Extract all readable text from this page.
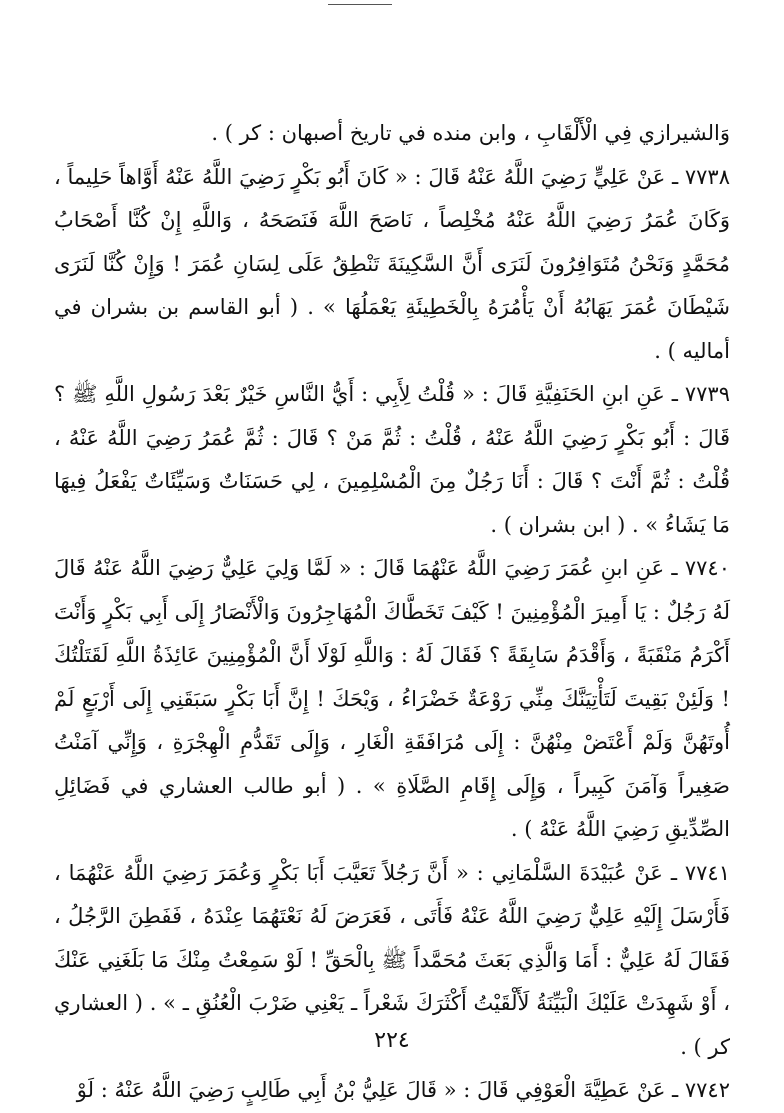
وَالشيرازي فِي الْأَلْقَابِ ، وابن منده في تاريخ أصبهان : كر ) .

٧٧٣٨ ـ عَنْ عَلِيٍّ رَضِيَ اللَّهُ عَنْهُ قَالَ : « كَانَ أَبُو بَكْرٍ رَضِيَ اللَّهُ عَنْهُ أَوَّاهاً حَلِيماً ، وَكَانَ عُمَرُ رَضِيَ اللَّهُ عَنْهُ مُخْلِصاً ، نَاصَحَ اللَّهَ فَنَصَحَهُ ، وَاللَّهِ إِنْ كُنَّا أَصْحَابُ مُحَمَّدٍ وَنَحْنُ مُتَوَافِرُونَ لَنَرَى أَنَّ السَّكِينَةَ تَنْطِقُ عَلَى لِسَانِ عُمَرَ ! وَإِنْ كُنَّا لَنَرَى شَيْطَانَ عُمَرَ يَهَابُهُ أَنْ يَأْمُرَهُ بِالْخَطِيئَةِ يَعْمَلُهَا » . ( أبو القاسم بن بشران في أماليه ) .

٧٧٣٩ ـ عَنِ ابنِ الحَنَفِيَّةِ قَالَ : « قُلْتُ لِأَبِي : أَيُّ النَّاسِ خَيْرٌ بَعْدَ رَسُولِ اللَّهِ ﷺ ؟ قَالَ : أَبُو بَكْرٍ رَضِيَ اللَّهُ عَنْهُ ، قُلْتُ : ثُمَّ مَنْ ؟ قَالَ : ثُمَّ عُمَرُ رَضِيَ اللَّهُ عَنْهُ ، قُلْتُ : ثُمَّ أَنْتَ ؟ قَالَ : أَنَا رَجُلٌ مِنَ الْمُسْلِمِينَ ، لِي حَسَنَاتٌ وَسَيِّئَاتٌ يَفْعَلُ فِيهَا مَا يَشَاءُ » . ( ابن بشران ) .

٧٧٤٠ ـ عَنِ ابنِ عُمَرَ رَضِيَ اللَّهُ عَنْهُمَا قَالَ : « لَمَّا وَلِيَ عَلِيٌّ رَضِيَ اللَّهُ عَنْهُ قَالَ لَهُ رَجُلٌ : يَا أَمِيرَ الْمُؤْمِنِينَ ! كَيْفَ تَخَطَّاكَ الْمُهَاجِرُونَ وَالْأَنْصَارُ إِلَى أَبِي بَكْرٍ وَأَنْتَ أَكْرَمُ مَنْقَبَةً ، وَأَقْدَمُ سَابِقَةً ؟ فَقَالَ لَهُ : وَاللَّهِ لَوْلَا أَنَّ الْمُؤْمِنِينَ عَائِذَةُ اللَّهِ لَقَتَلْتُكَ ! وَلَئِنْ بَقِيتَ لَتَأْتِيَنَّكَ مِنِّي رَوْعَةٌ خَضْرَاءُ ، وَيْحَكَ ! إِنَّ أَبَا بَكْرٍ سَبَقَنِي إِلَى أَرْبَعٍ لَمْ أُوتَهُنَّ وَلَمْ أَعْتَضْ مِنْهُنَّ : إِلَى مُرَافَقَةِ الْغَارِ ، وَإِلَى تَقَدُّمِ الْهِجْرَةِ ، وَإِنِّي آمَنْتُ صَغِيراً وَآمَنَ كَبِيراً ، وَإِلَى إِقَامِ الصَّلَاةِ » . ( أبو طالب العشاري في فَضَائِلِ الصِّدِّيقِ رَضِيَ اللَّهُ عَنْهُ ) .

٧٧٤١ ـ عَنْ عُبَيْدَةَ السَّلْمَانِي : « أَنَّ رَجُلاً تَعَيَّبَ أَبَا بَكْرٍ وَعُمَرَ رَضِيَ اللَّهُ عَنْهُمَا ، فَأَرْسَلَ إِلَيْهِ عَلِيٌّ رَضِيَ اللَّهُ عَنْهُ فَأَتَى ، فَعَرَضَ لَهُ نَعْتَهُمَا عِنْدَهُ ، فَفَطِنَ الرَّجُلُ ، فَقَالَ لَهُ عَلِيٌّ : أَمَا وَالَّذِي بَعَثَ مُحَمَّداً ﷺ بِالْحَقِّ ! لَوْ سَمِعْتُ مِنْكَ مَا بَلَغَنِي عَنْكَ ، أَوْ شَهِدَتْ عَلَيْكَ الْبَيِّنَةُ لَأَلْقَيْتُ أَكْثَرَكَ شَعْراً ـ يَعْنِي ضَرْبَ الْعُنُقِ ـ » . ( العشاري كر ) .

٧٧٤٢ ـ عَنْ عَطِيَّةَ الْعَوْفِي قَالَ : « قَالَ عَلِيُّ بْنُ أَبِي طَالِبٍ رَضِيَ اللَّهُ عَنْهُ : لَوْ

٢٢٤
